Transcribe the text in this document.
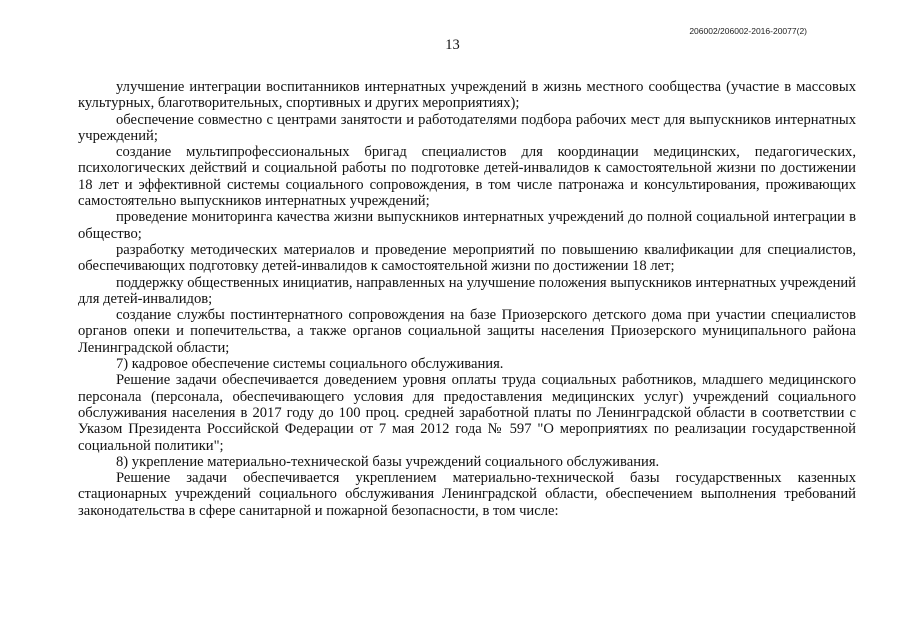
206002/206002-2016-20077(2)
13

улучшение интеграции воспитанников интернатных учреждений в жизнь местного сообщества (участие в массовых культурных, благотворительных, спортивных и других мероприятиях);

обеспечение совместно с центрами занятости и работодателями подбора рабочих мест для выпускников интернатных учреждений;

создание мультипрофессиональных бригад специалистов для координации медицинских, педагогических, психологических действий и социальной работы по подготовке детей-инвалидов к самостоятельной жизни по достижении 18 лет и эффективной системы социального сопровождения, в том числе патронажа и консультирования, проживающих самостоятельно выпускников интернатных учреждений;

проведение мониторинга качества жизни выпускников интернатных учреждений до полной социальной интеграции в общество;

разработку методических материалов и проведение мероприятий по повышению квалификации для специалистов, обеспечивающих подготовку детей-инвалидов к самостоятельной жизни по достижении 18 лет;

поддержку общественных инициатив, направленных на улучшение положения выпускников интернатных учреждений для детей-инвалидов;

создание службы постинтернатного сопровождения на базе Приозерского детского дома при участии специалистов органов опеки и попечительства, а также органов социальной защиты населения Приозерского муниципального района Ленинградской области;

7) кадровое обеспечение системы социального обслуживания.

Решение задачи обеспечивается доведением уровня оплаты труда социальных работников, младшего медицинского персонала (персонала, обеспечивающего условия для предоставления медицинских услуг) учреждений социального обслуживания населения в 2017 году до 100 проц. средней заработной платы по Ленинградской области в соответствии с Указом Президента Российской Федерации от 7 мая 2012 года № 597 "О мероприятиях по реализации государственной социальной политики";

8) укрепление материально-технической базы учреждений социального обслуживания.

Решение задачи обеспечивается укреплением материально-технической базы государственных казенных стационарных учреждений социального обслуживания Ленинградской области, обеспечением выполнения требований законодательства в сфере санитарной и пожарной безопасности, в том числе:
